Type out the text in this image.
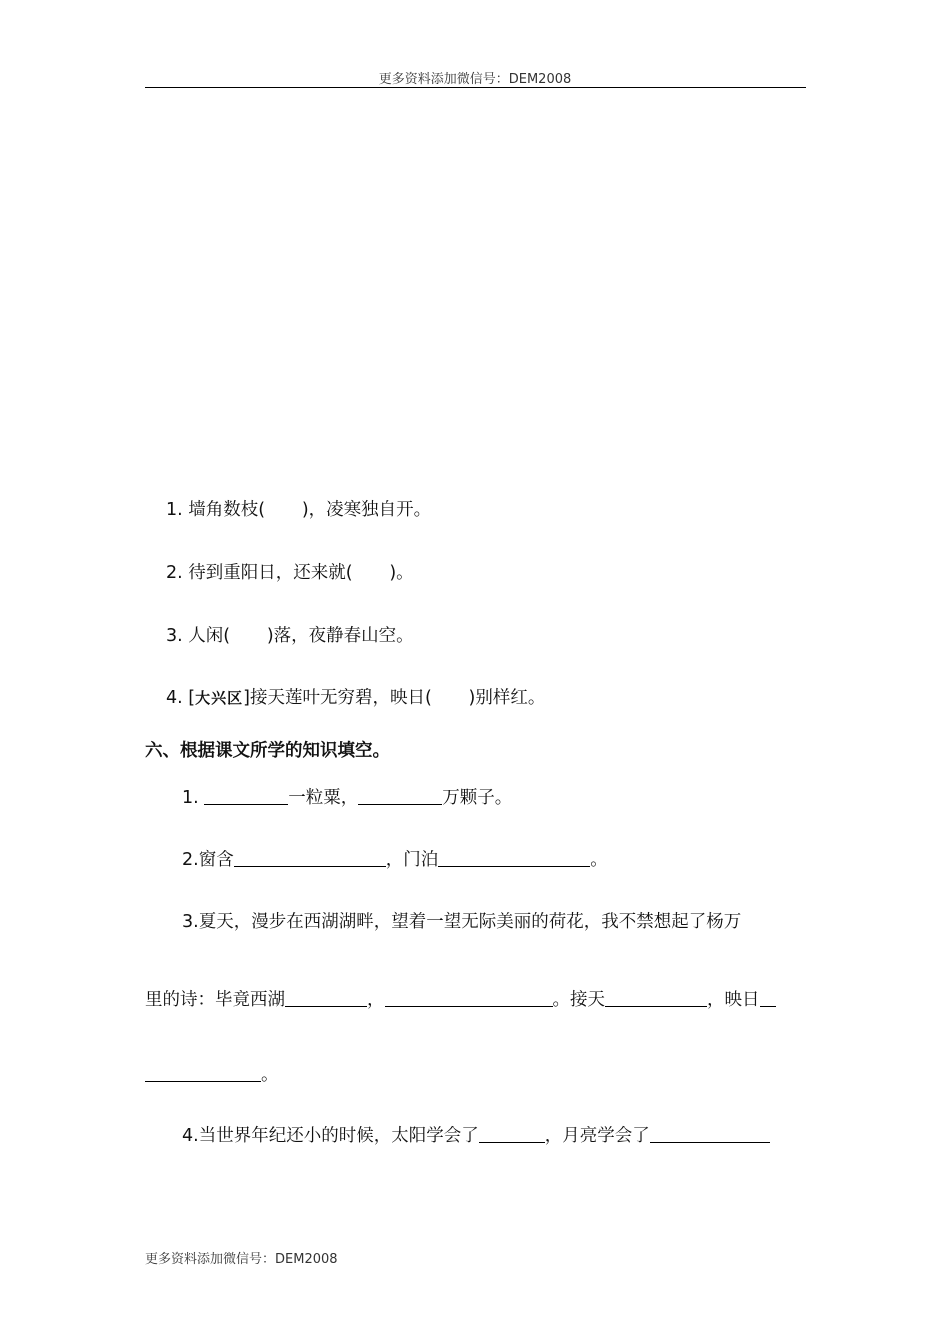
更多资料添加微信号：DEM2008
1. 墙角数枝( )，凌寒独自开。
2. 待到重阳日，还来就( )。
3. 人闲( )落，夜静春山空。
4. [大兴区]接天莲叶无穷碧，映日( )别样红。
六、根据课文所学的知识填空。
1.	一粒粟，	万颗子。
2.窗含	，门泊	。
3.夏天，漫步在西湖湖畔，望着一望无际美丽的荷花，我不禁想起了杨万
里的诗：毕竟西湖	，	。接天	，映日
。
4.当世界年纪还小的时候，太阳学会了	，月亮学会了
更多资料添加微信号：DEM2008
